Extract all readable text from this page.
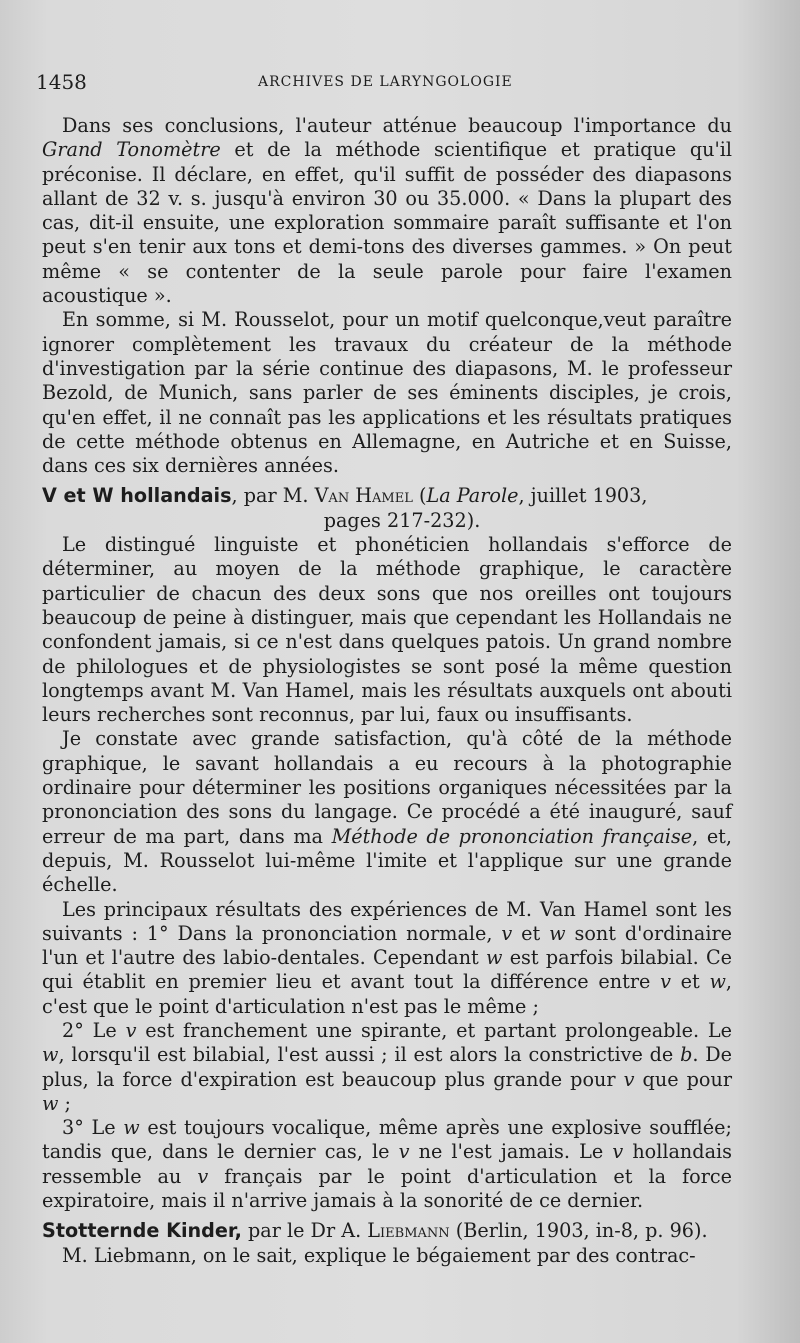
1458	ARCHIVES DE LARYNGOLOGIE

Dans ses conclusions, l'auteur atténue beaucoup l'importance du Grand Tonomètre et de la méthode scientifique et pratique qu'il préconise. Il déclare, en effet, qu'il suffit de posséder des diapasons allant de 32 v. s. jusqu'à environ 30 ou 35.000. « Dans la plupart des cas, dit-il ensuite, une exploration sommaire paraît suffisante et l'on peut s'en tenir aux tons et demi-tons des diverses gammes. » On peut même « se contenter de la seule parole pour faire l'examen acoustique ».

En somme, si M. Rousselot, pour un motif quelconque,veut paraître ignorer complètement les travaux du créateur de la méthode d'investigation par la série continue des diapasons, M. le professeur Bezold, de Munich, sans parler de ses éminents disciples, je crois, qu'en effet, il ne connaît pas les applications et les résultats pratiques de cette méthode obtenus en Allemagne, en Autriche et en Suisse, dans ces six dernières années.

V et W hollandais, par M. Van Hamel (La Parole, juillet 1903,
pages 217-232).

Le distingué linguiste et phonéticien hollandais s'efforce de déterminer, au moyen de la méthode graphique, le caractère particulier de chacun des deux sons que nos oreilles ont toujours beaucoup de peine à distinguer, mais que cependant les Hollandais ne confondent jamais, si ce n'est dans quelques patois. Un grand nombre de philologues et de physiologistes se sont posé la même question longtemps avant M. Van Hamel, mais les résultats auxquels ont abouti leurs recherches sont reconnus, par lui, faux ou insuffisants.

Je constate avec grande satisfaction, qu'à côté de la méthode graphique, le savant hollandais a eu recours à la photographie ordinaire pour déterminer les positions organiques nécessitées par la prononciation des sons du langage. Ce procédé a été inauguré, sauf erreur de ma part, dans ma Méthode de prononciation française, et, depuis, M. Rousselot lui-même l'imite et l'applique sur une grande échelle.

Les principaux résultats des expériences de M. Van Hamel sont les suivants : 1° Dans la prononciation normale, v et w sont d'ordinaire l'un et l'autre des labio-dentales. Cependant w est parfois bilabial. Ce qui établit en premier lieu et avant tout la différence entre v et w, c'est que le point d'articulation n'est pas le même ;

2° Le v est franchement une spirante, et partant prolongeable. Le w, lorsqu'il est bilabial, l'est aussi ; il est alors la constrictive de b. De plus, la force d'expiration est beaucoup plus grande pour v que pour w ;

3° Le w est toujours vocalique, même après une explosive soufflée; tandis que, dans le dernier cas, le v ne l'est jamais. Le v hollandais ressemble au v français par le point d'articulation et la force expiratoire, mais il n'arrive jamais à la sonorité de ce dernier.

Stotternde Kinder, par le Dr A. Liebmann (Berlin, 1903, in-8, p. 96).

M. Liebmann, on le sait, explique le bégaiement par des contrac-
